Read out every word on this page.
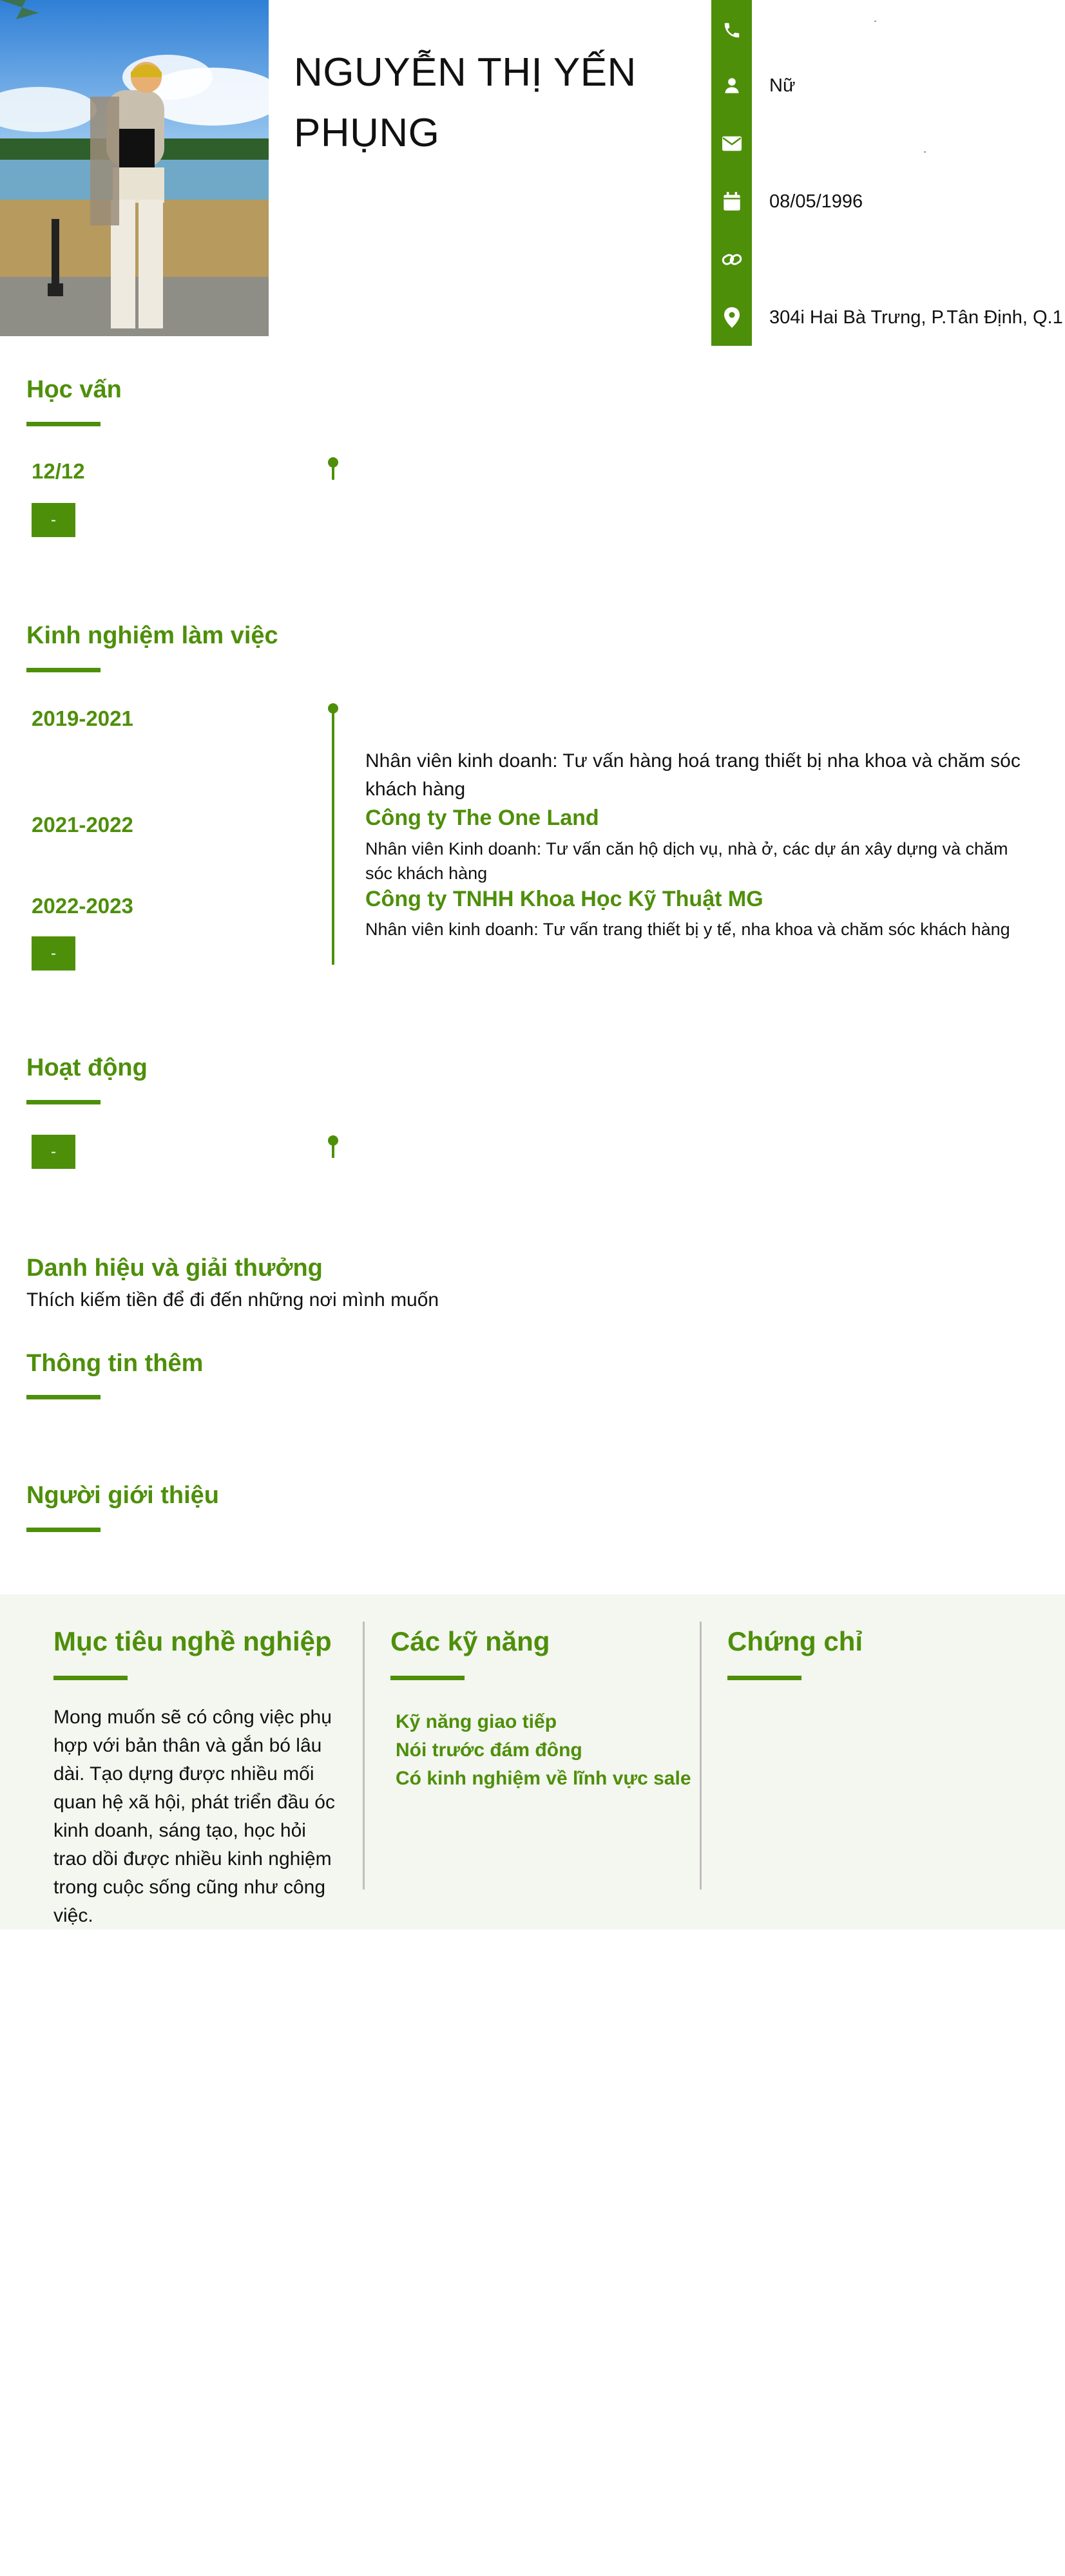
NGUYỄN THỊ YẾN PHỤNG
Nữ
08/05/1996
304i Hai Bà Trưng, P.Tân Định, Q.1
Học vấn
12/12
-
Kinh nghiệm làm việc
2019-2021
2021-2022
2022-2023
-
Nhân viên kinh doanh: Tư vấn hàng hoá trang thiết bị nha khoa và chăm sóc khách hàng
Công ty The One Land
Nhân viên Kinh doanh: Tư vấn căn hộ dịch vụ, nhà ở, các dự án xây dựng và chăm sóc khách hàng
Công ty TNHH Khoa Học Kỹ Thuật MG
Nhân viên kinh doanh: Tư vấn trang thiết bị y tế, nha khoa và chăm sóc khách hàng
Hoạt động
-
Danh hiệu và giải thưởng
Thích kiếm tiền để đi đến những nơi mình muốn
Thông tin thêm
Người giới thiệu
Mục tiêu nghề nghiệp
Mong muốn sẽ có công việc phụ hợp với bản thân và gắn bó lâu dài. Tạo dựng được nhiều mối quan hệ xã hội, phát triển đầu óc kinh doanh, sáng tạo, học hỏi trao dồi được nhiều kinh nghiệm trong cuộc sống cũng như công việc.
Các kỹ năng
Kỹ năng giao tiếp
Nói trước đám đông
Có kinh nghiệm về lĩnh vực sale
Chứng chỉ
